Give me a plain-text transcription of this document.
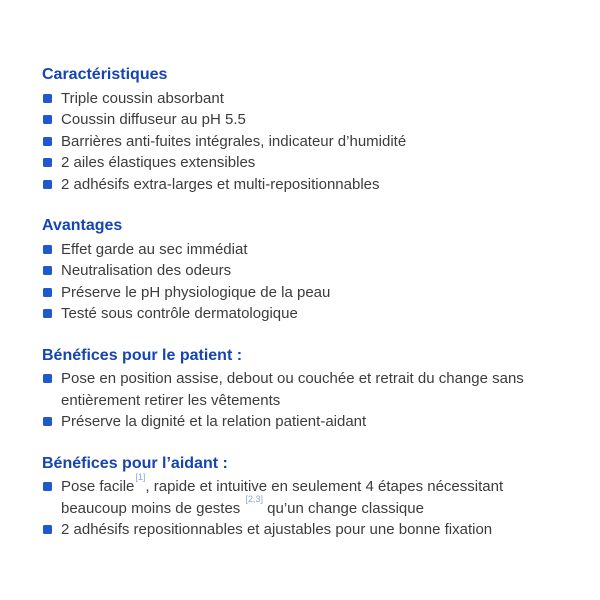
Caractéristiques
Triple coussin absorbant
Coussin diffuseur au pH 5.5
Barrières anti-fuites intégrales, indicateur d’humidité
2 ailes élastiques extensibles
2 adhésifs extra-larges et multi-repositionnables
Avantages
Effet garde au sec immédiat
Neutralisation des odeurs
Préserve le pH physiologique de la peau
Testé sous contrôle dermatologique
Bénéfices pour le patient :
Pose en position assise, debout ou couchée et retrait du change sans entièrement retirer les vêtements
Préserve la dignité et la relation patient-aidant
Bénéfices pour l’aidant :
Pose facile[1], rapide et intuitive en seulement 4 étapes nécessitant beaucoup moins de gestes [2,3] qu’un change classique
2 adhésifs repositionnables et ajustables pour une bonne fixation
